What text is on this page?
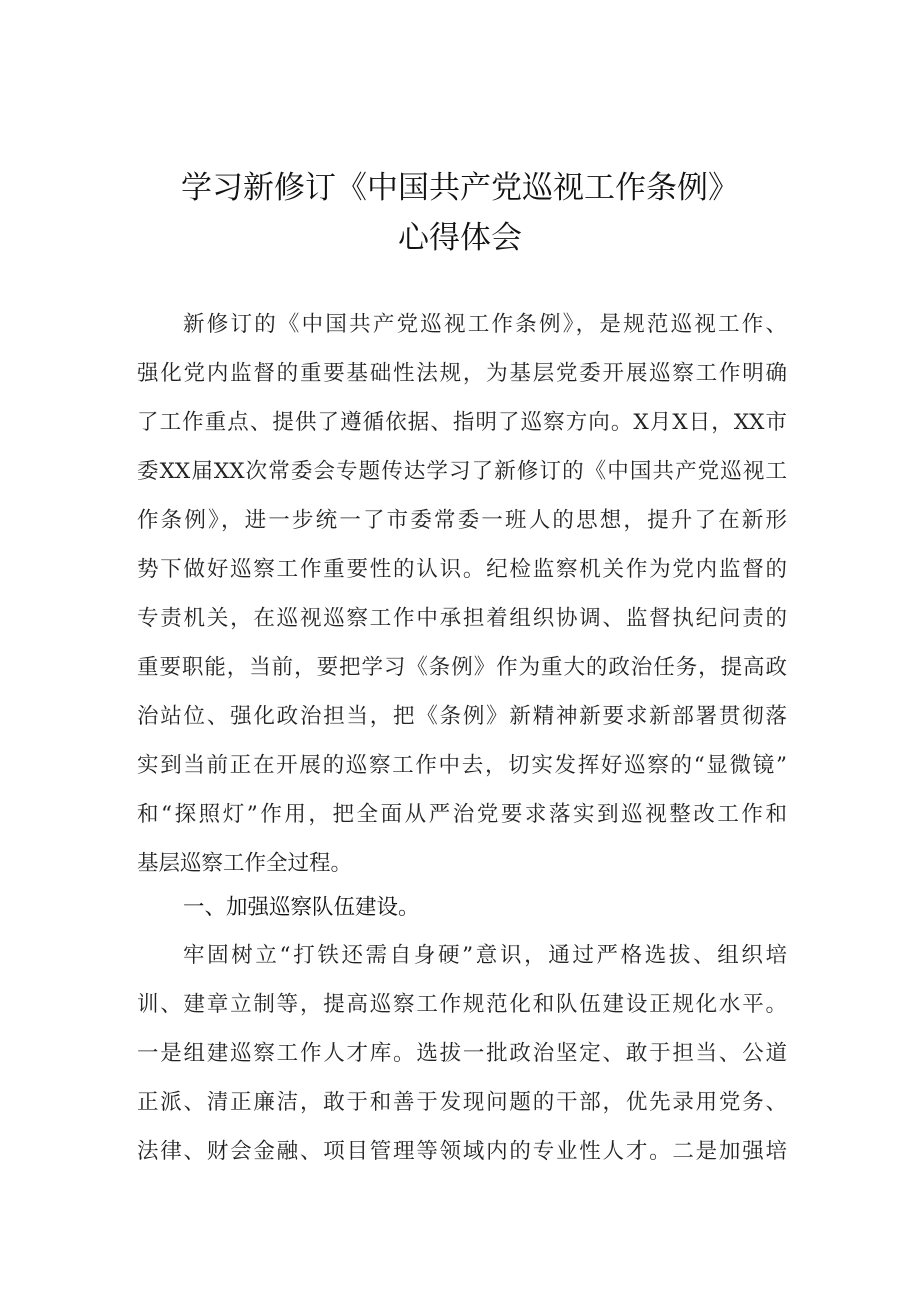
学习新修订《中国共产党巡视工作条例》
心得体会
新修订的《中国共产党巡视工作条例》，是规范巡视工作、
强化党内监督的重要基础性法规，为基层党委开展巡察工作明确
了工作重点、提供了遵循依据、指明了巡察方向。X月X日，XX市
委XX届XX次常委会专题传达学习了新修订的《中国共产党巡视工
作条例》，进一步统一了市委常委一班人的思想，提升了在新形
势下做好巡察工作重要性的认识。纪检监察机关作为党内监督的
专责机关，在巡视巡察工作中承担着组织协调、监督执纪问责的
重要职能，当前，要把学习《条例》作为重大的政治任务，提高政
治站位、强化政治担当，把《条例》新精神新要求新部署贯彻落
实到当前正在开展的巡察工作中去，切实发挥好巡察的“显微镜”
和“探照灯”作用，把全面从严治党要求落实到巡视整改工作和
基层巡察工作全过程。
一、加强巡察队伍建设。
牢固树立“打铁还需自身硬”意识，通过严格选拔、组织培
训、建章立制等，提高巡察工作规范化和队伍建设正规化水平。
一是组建巡察工作人才库。选拔一批政治坚定、敢于担当、公道
正派、清正廉洁，敢于和善于发现问题的干部，优先录用党务、
法律、财会金融、项目管理等领域内的专业性人才。二是加强培
